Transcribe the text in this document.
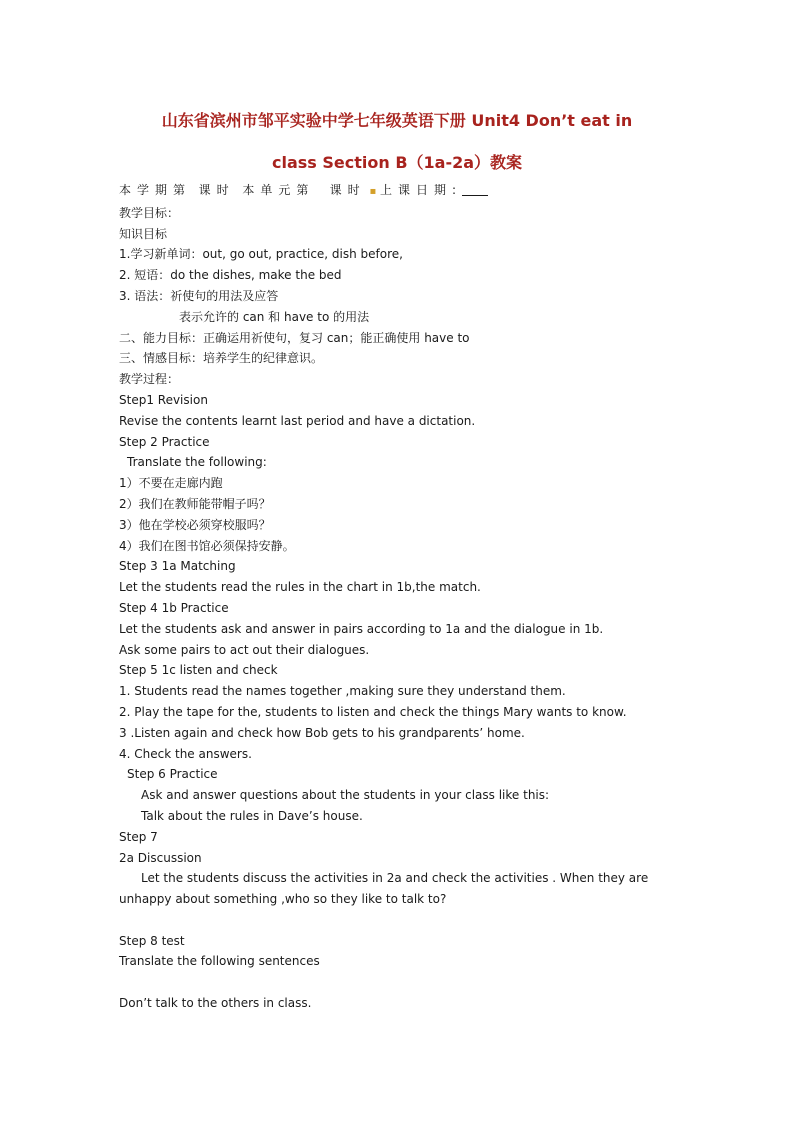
山东省滨州市邹平实验中学七年级英语下册 Unit4 Don’t eat in
class Section B（1a-2a）教案

本学期第 课时 本单元第 课时 ▪ 上课日期:

教学目标：

知识目标

1.学习新单词：out, go out, practice, dish before,

2. 短语：do the dishes, make the bed

3. 语法：祈使句的用法及应答

表示允许的 can 和 have to 的用法

二、能力目标：正确运用祈使句，复习 can；能正确使用 have to

三、情感目标：培养学生的纪律意识。

教学过程：

Step1 Revision

Revise the contents learnt last period and have a dictation.

Step 2 Practice

Translate the following:

1）不要在走廊内跑

2）我们在教师能带帽子吗？

3）他在学校必须穿校服吗？

4）我们在图书馆必须保持安静。

Step 3 1a Matching

Let the students read the rules in the chart in 1b,the match.

Step 4 1b Practice

Let the students ask and answer in pairs according to 1a and the dialogue in 1b.

Ask some pairs to act out their dialogues.

Step 5 1c listen and check

1. Students read the names together ,making sure they understand them.

2. Play the tape for the, students to listen and check the things Mary wants to know.

3 .Listen again and check how Bob gets to his grandparents’ home.

4. Check the answers.

Step 6 Practice

Ask and answer questions about the students in your class like this:

Talk about the rules in Dave’s house.

Step 7

2a Discussion

Let the students discuss the activities in 2a and check the activities . When they are unhappy about something ,who so they like to talk to?

Step 8 test

Translate the following sentences

Don’t talk to the others in class.
